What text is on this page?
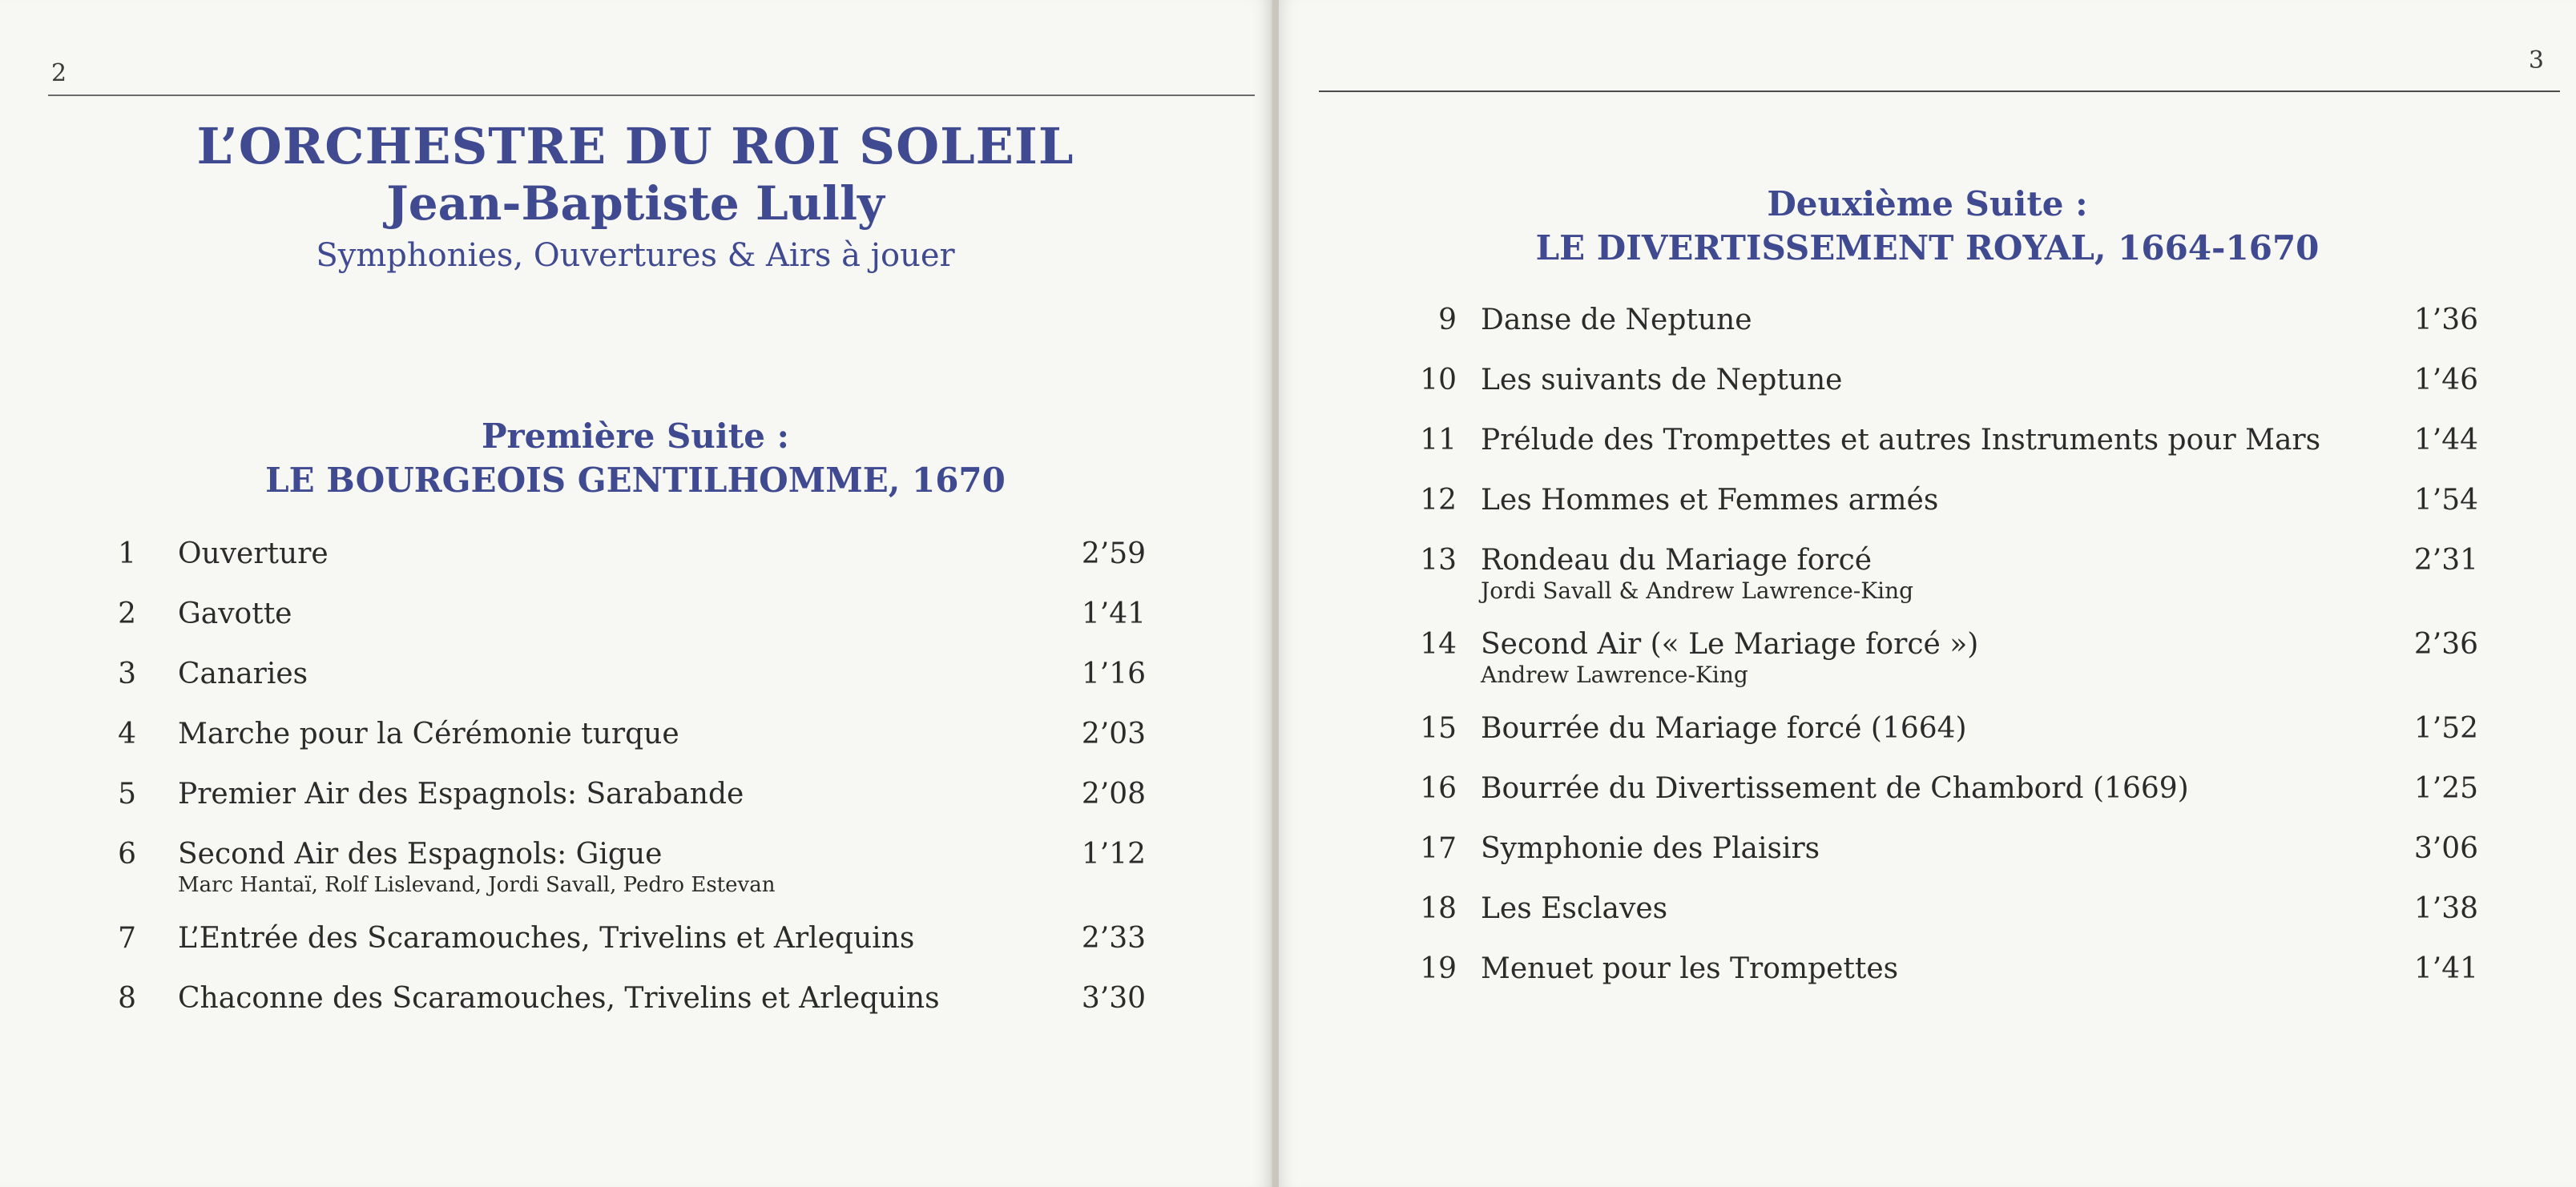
2
L’ORCHESTRE DU ROI SOLEIL
Jean-Baptiste Lully
Symphonies, Ouvertures & Airs à jouer
Première Suite :
LE BOURGEOIS GENTILHOMME, 1670
1 Ouverture	2’59
2 Gavotte	1’41
3 Canaries	1’16
4 Marche pour la Cérémonie turque	2’03
5 Premier Air des Espagnols: Sarabande	2’08
6 Second Air des Espagnols: Gigue	1’12
Marc Hantaï, Rolf Lislevand, Jordi Savall, Pedro Estevan
7 L’Entrée des Scaramouches, Trivelins et Arlequins	2’33
8 Chaconne des Scaramouches, Trivelins et Arlequins	3’30
3
Deuxième Suite :
LE DIVERTISSEMENT ROYAL, 1664-1670
9 Danse de Neptune	1’36
10 Les suivants de Neptune	1’46
11 Prélude des Trompettes et autres Instruments pour Mars	1’44
12 Les Hommes et Femmes armés	1’54
13 Rondeau du Mariage forcé	2’31
Jordi Savall & Andrew Lawrence-King
14 Second Air (« Le Mariage forcé »)	2’36
Andrew Lawrence-King
15 Bourrée du Mariage forcé (1664)	1’52
16 Bourrée du Divertissement de Chambord (1669)	1’25
17 Symphonie des Plaisirs	3’06
18 Les Esclaves	1’38
19 Menuet pour les Trompettes	1’41
